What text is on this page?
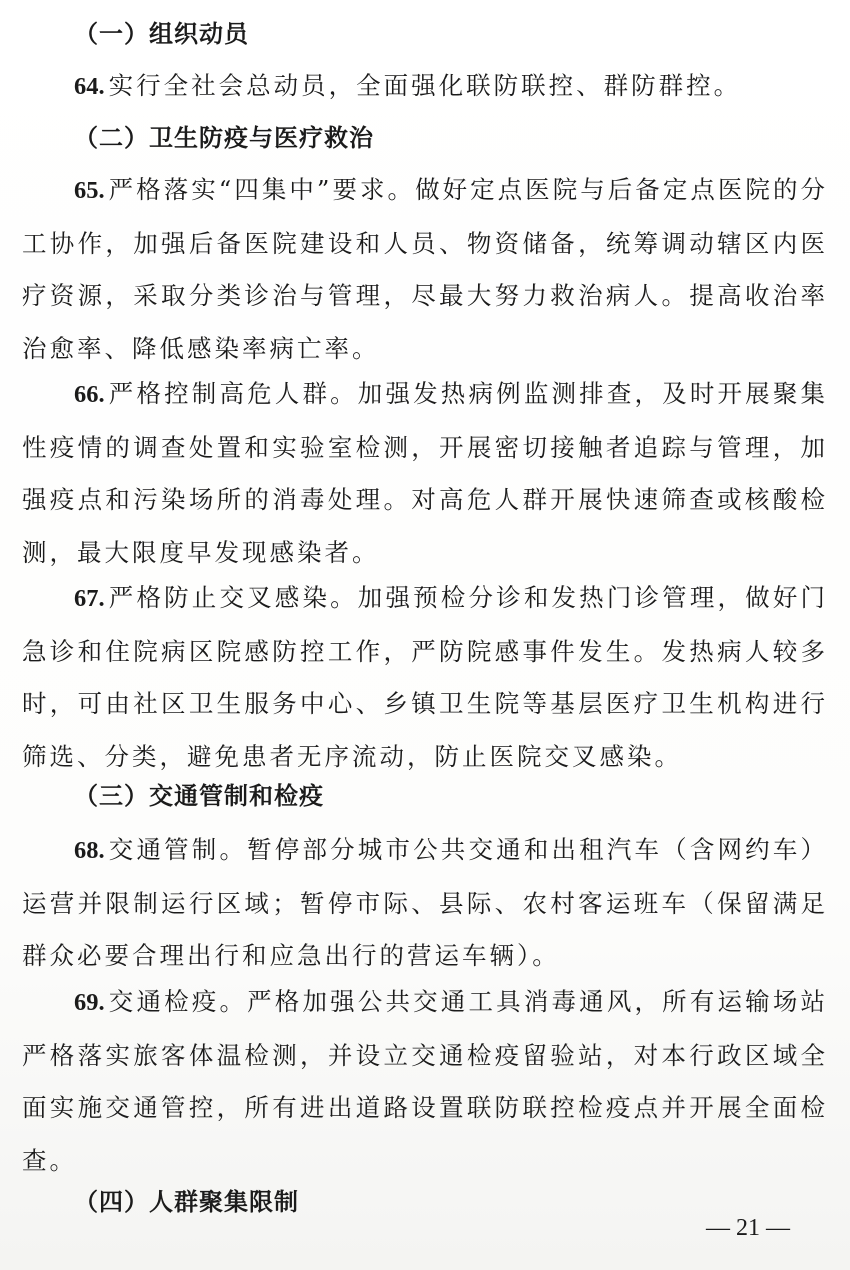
（一）组织动员

64. 实行全社会总动员，全面强化联防联控、群防群控。

（二）卫生防疫与医疗救治

65. 严格落实“四集中”要求。做好定点医院与后备定点医院的分工协作，加强后备医院建设和人员、物资储备，统筹调动辖区内医疗资源，采取分类诊治与管理，尽最大努力救治病人。提高收治率治愈率、降低感染率病亡率。

66. 严格控制高危人群。加强发热病例监测排查，及时开展聚集性疫情的调查处置和实验室检测，开展密切接触者追踪与管理，加强疫点和污染场所的消毒处理。对高危人群开展快速筛查或核酸检测，最大限度早发现感染者。

67. 严格防止交叉感染。加强预检分诊和发热门诊管理，做好门急诊和住院病区院感防控工作，严防院感事件发生。发热病人较多时，可由社区卫生服务中心、乡镇卫生院等基层医疗卫生机构进行筛选、分类，避免患者无序流动，防止医院交叉感染。

（三）交通管制和检疫

68. 交通管制。暂停部分城市公共交通和出租汽车（含网约车）运营并限制运行区域；暂停市际、县际、农村客运班车（保留满足群众必要合理出行和应急出行的营运车辆）。

69. 交通检疫。严格加强公共交通工具消毒通风，所有运输场站严格落实旅客体温检测，并设立交通检疫留验站，对本行政区域全面实施交通管控，所有进出道路设置联防联控检疫点并开展全面检查。

（四）人群聚集限制
— 21 —
